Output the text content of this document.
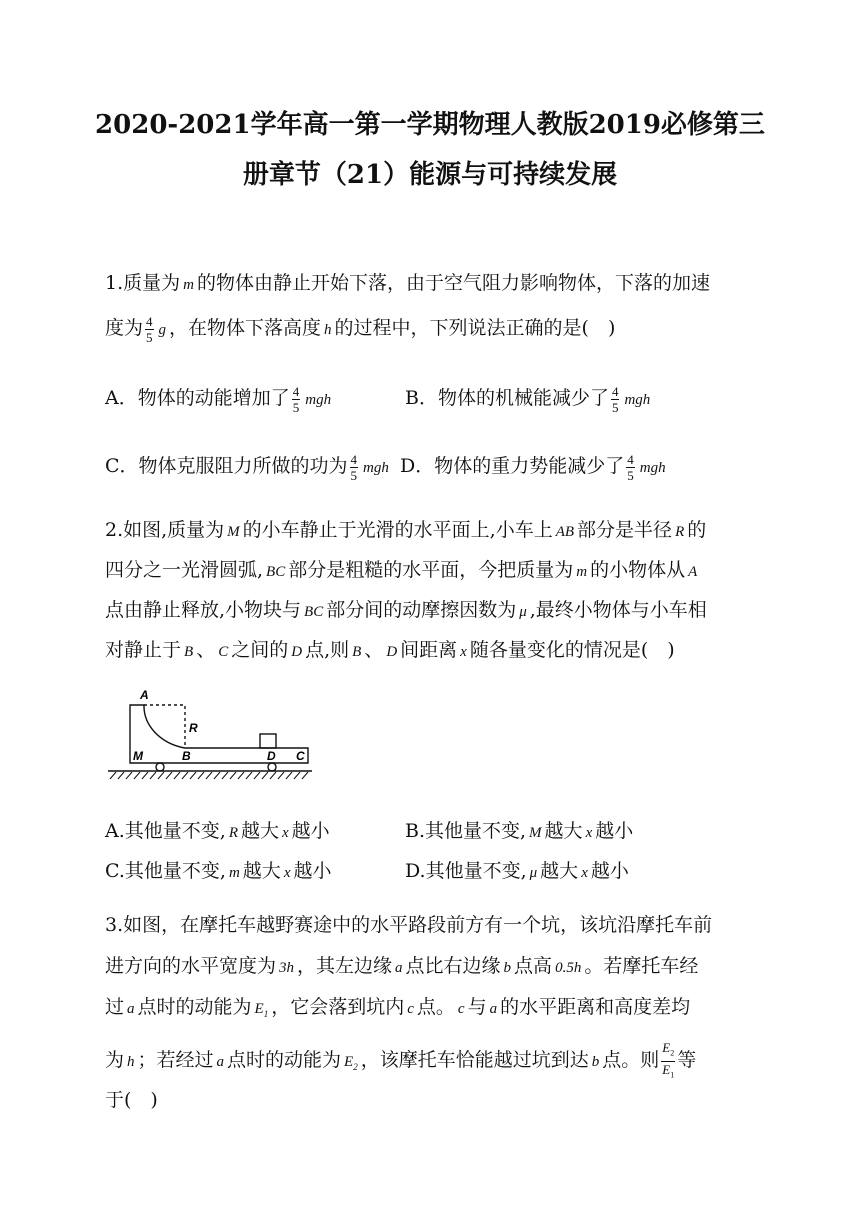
2020-2021学年高一第一学期物理人教版2019必修第三
册章节（21）能源与可持续发展
1.质量为 m 的物体由静止开始下落，由于空气阻力影响物体，下落的加速
度为 $\frac{4}{5}$ g ，在物体下落高度 h 的过程中，下列说法正确的是(　)
A．物体的动能增加了 $\frac{4}{5}$ mgh	B．物体的机械能减少了 $\frac{4}{5}$ mgh
C．物体克服阻力所做的功为 $\frac{4}{5}$ mgh D．物体的重力势能减少了 $\frac{4}{5}$ mgh
2.如图,质量为 M 的小车静止于光滑的水平面上,小车上 AB 部分是半径 R 的
四分之一光滑圆弧, BC 部分是粗糙的水平面，今把质量为 m 的小物体从 A
点由静止释放,小物块与 BC 部分间的动摩擦因数为 μ ,最终小物体与小车相
对静止于 B 、 C 之间的 D 点,则 B 、 D 间距离 x 随各量变化的情况是(　)
A
R
M	B	D C
A.其他量不变, R 越大 x 越小	B.其他量不变, M 越大 x 越小
C.其他量不变, m 越大 x 越小	D.其他量不变, μ 越大 x 越小
3.如图，在摩托车越野赛途中的水平路段前方有一个坑，该坑沿摩托车前
进方向的水平宽度为 3h ，其左边缘 a 点比右边缘 b 点高 0.5h 。若摩托车经
过 a 点时的动能为 $E_1$ ，它会落到坑内 c 点。 c 与 a 的水平距离和高度差均
为 h ；若经过 a 点时的动能为 $E_2$ ，该摩托车恰能越过坑到达 b 点。则 $\frac{E_2}{E_1}$ 等
于(　)
